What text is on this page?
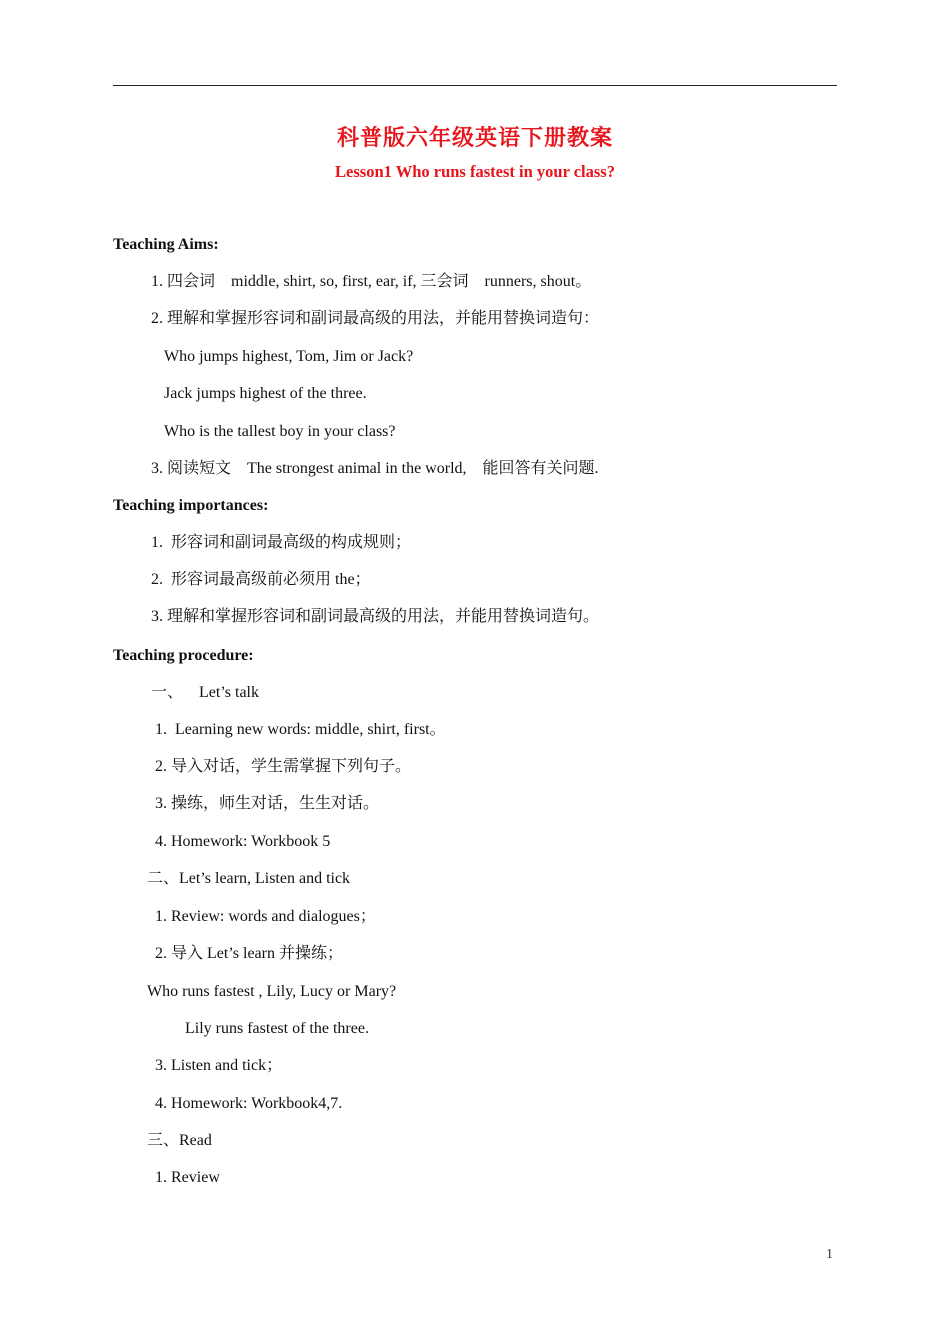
科普版六年级英语下册教案
Lesson1 Who runs fastest in your class?
Teaching Aims:
1. 四会词    middle, shirt, so, first, ear, if, 三会词    runners, shout。
2. 理解和掌握形容词和副词最高级的用法，并能用替换词造句：
Who jumps highest, Tom, Jim or Jack?
Jack jumps highest of the three.
Who is the tallest boy in your class?
3. 阅读短文    The strongest animal in the world,    能回答有关问题.
Teaching importances:
1.  形容词和副词最高级的构成规则；
2.  形容词最高级前必须用 the；
3. 理解和掌握形容词和副词最高级的用法，并能用替换词造句。
Teaching procedure:
一、    Let’s talk
1.  Learning new words: middle, shirt, first。
2. 导入对话，学生需掌握下列句子。
3. 操练，师生对话，生生对话。
4. Homework: Workbook 5
二、Let’s learn, Listen and tick
1. Review: words and dialogues；
2. 导入 Let’s learn 并操练；
Who runs fastest , Lily, Lucy or Mary?
Lily runs fastest of the three.
3. Listen and tick；
4. Homework: Workbook4,7.
三、Read
1. Review
1
